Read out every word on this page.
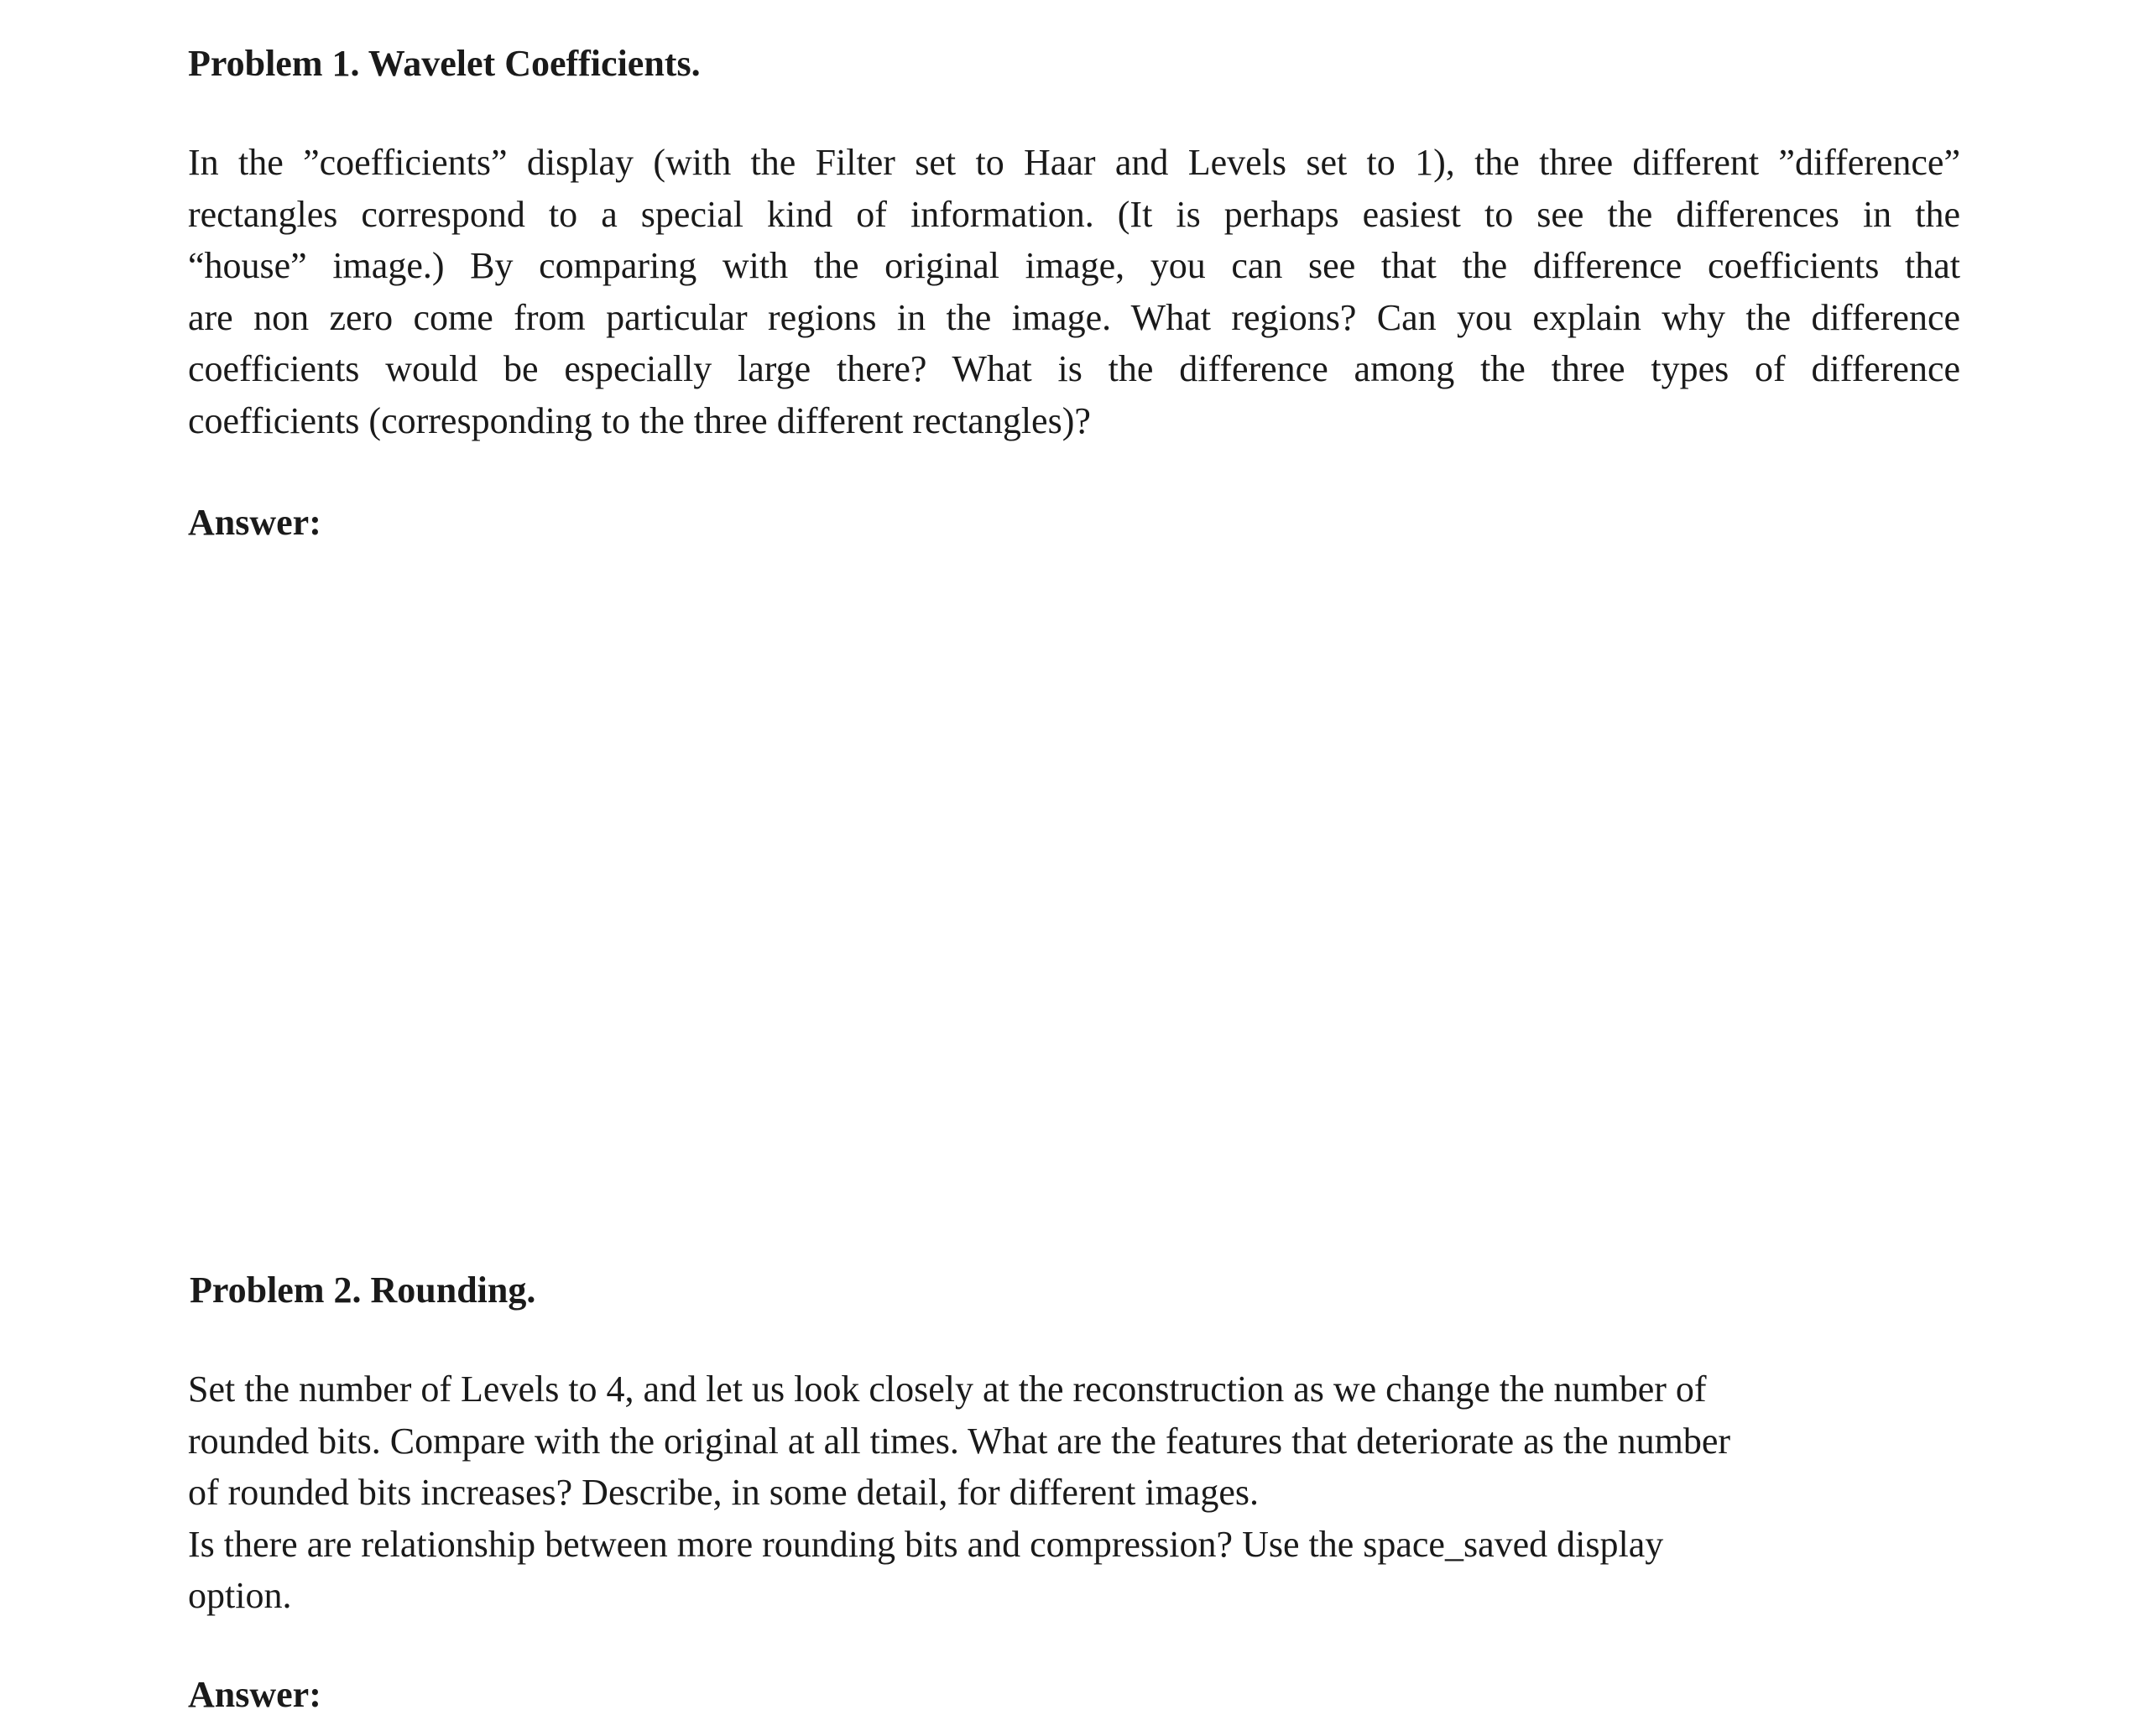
Problem 1. Wavelet Coefficients.
In the ”coefficients” display (with the Filter set to Haar and Levels set to 1), the three different ”difference”
rectangles correspond to a special kind of information. (It is perhaps easiest to see the differences in the
“house” image.) By comparing with the original image, you can see that the difference coefficients that
are non zero come from particular regions in the image. What regions? Can you explain why the difference
coefficients would be especially large there? What is the difference among the three types of difference
coefficients (corresponding to the three different rectangles)?
Answer:
Problem 2. Rounding.
Set the number of Levels to 4, and let us look closely at the reconstruction as we change the number of
rounded bits. Compare with the original at all times. What are the features that deteriorate as the number
of rounded bits increases? Describe, in some detail, for different images.
Is there are relationship between more rounding bits and compression? Use the space_saved display
option.
Answer:
